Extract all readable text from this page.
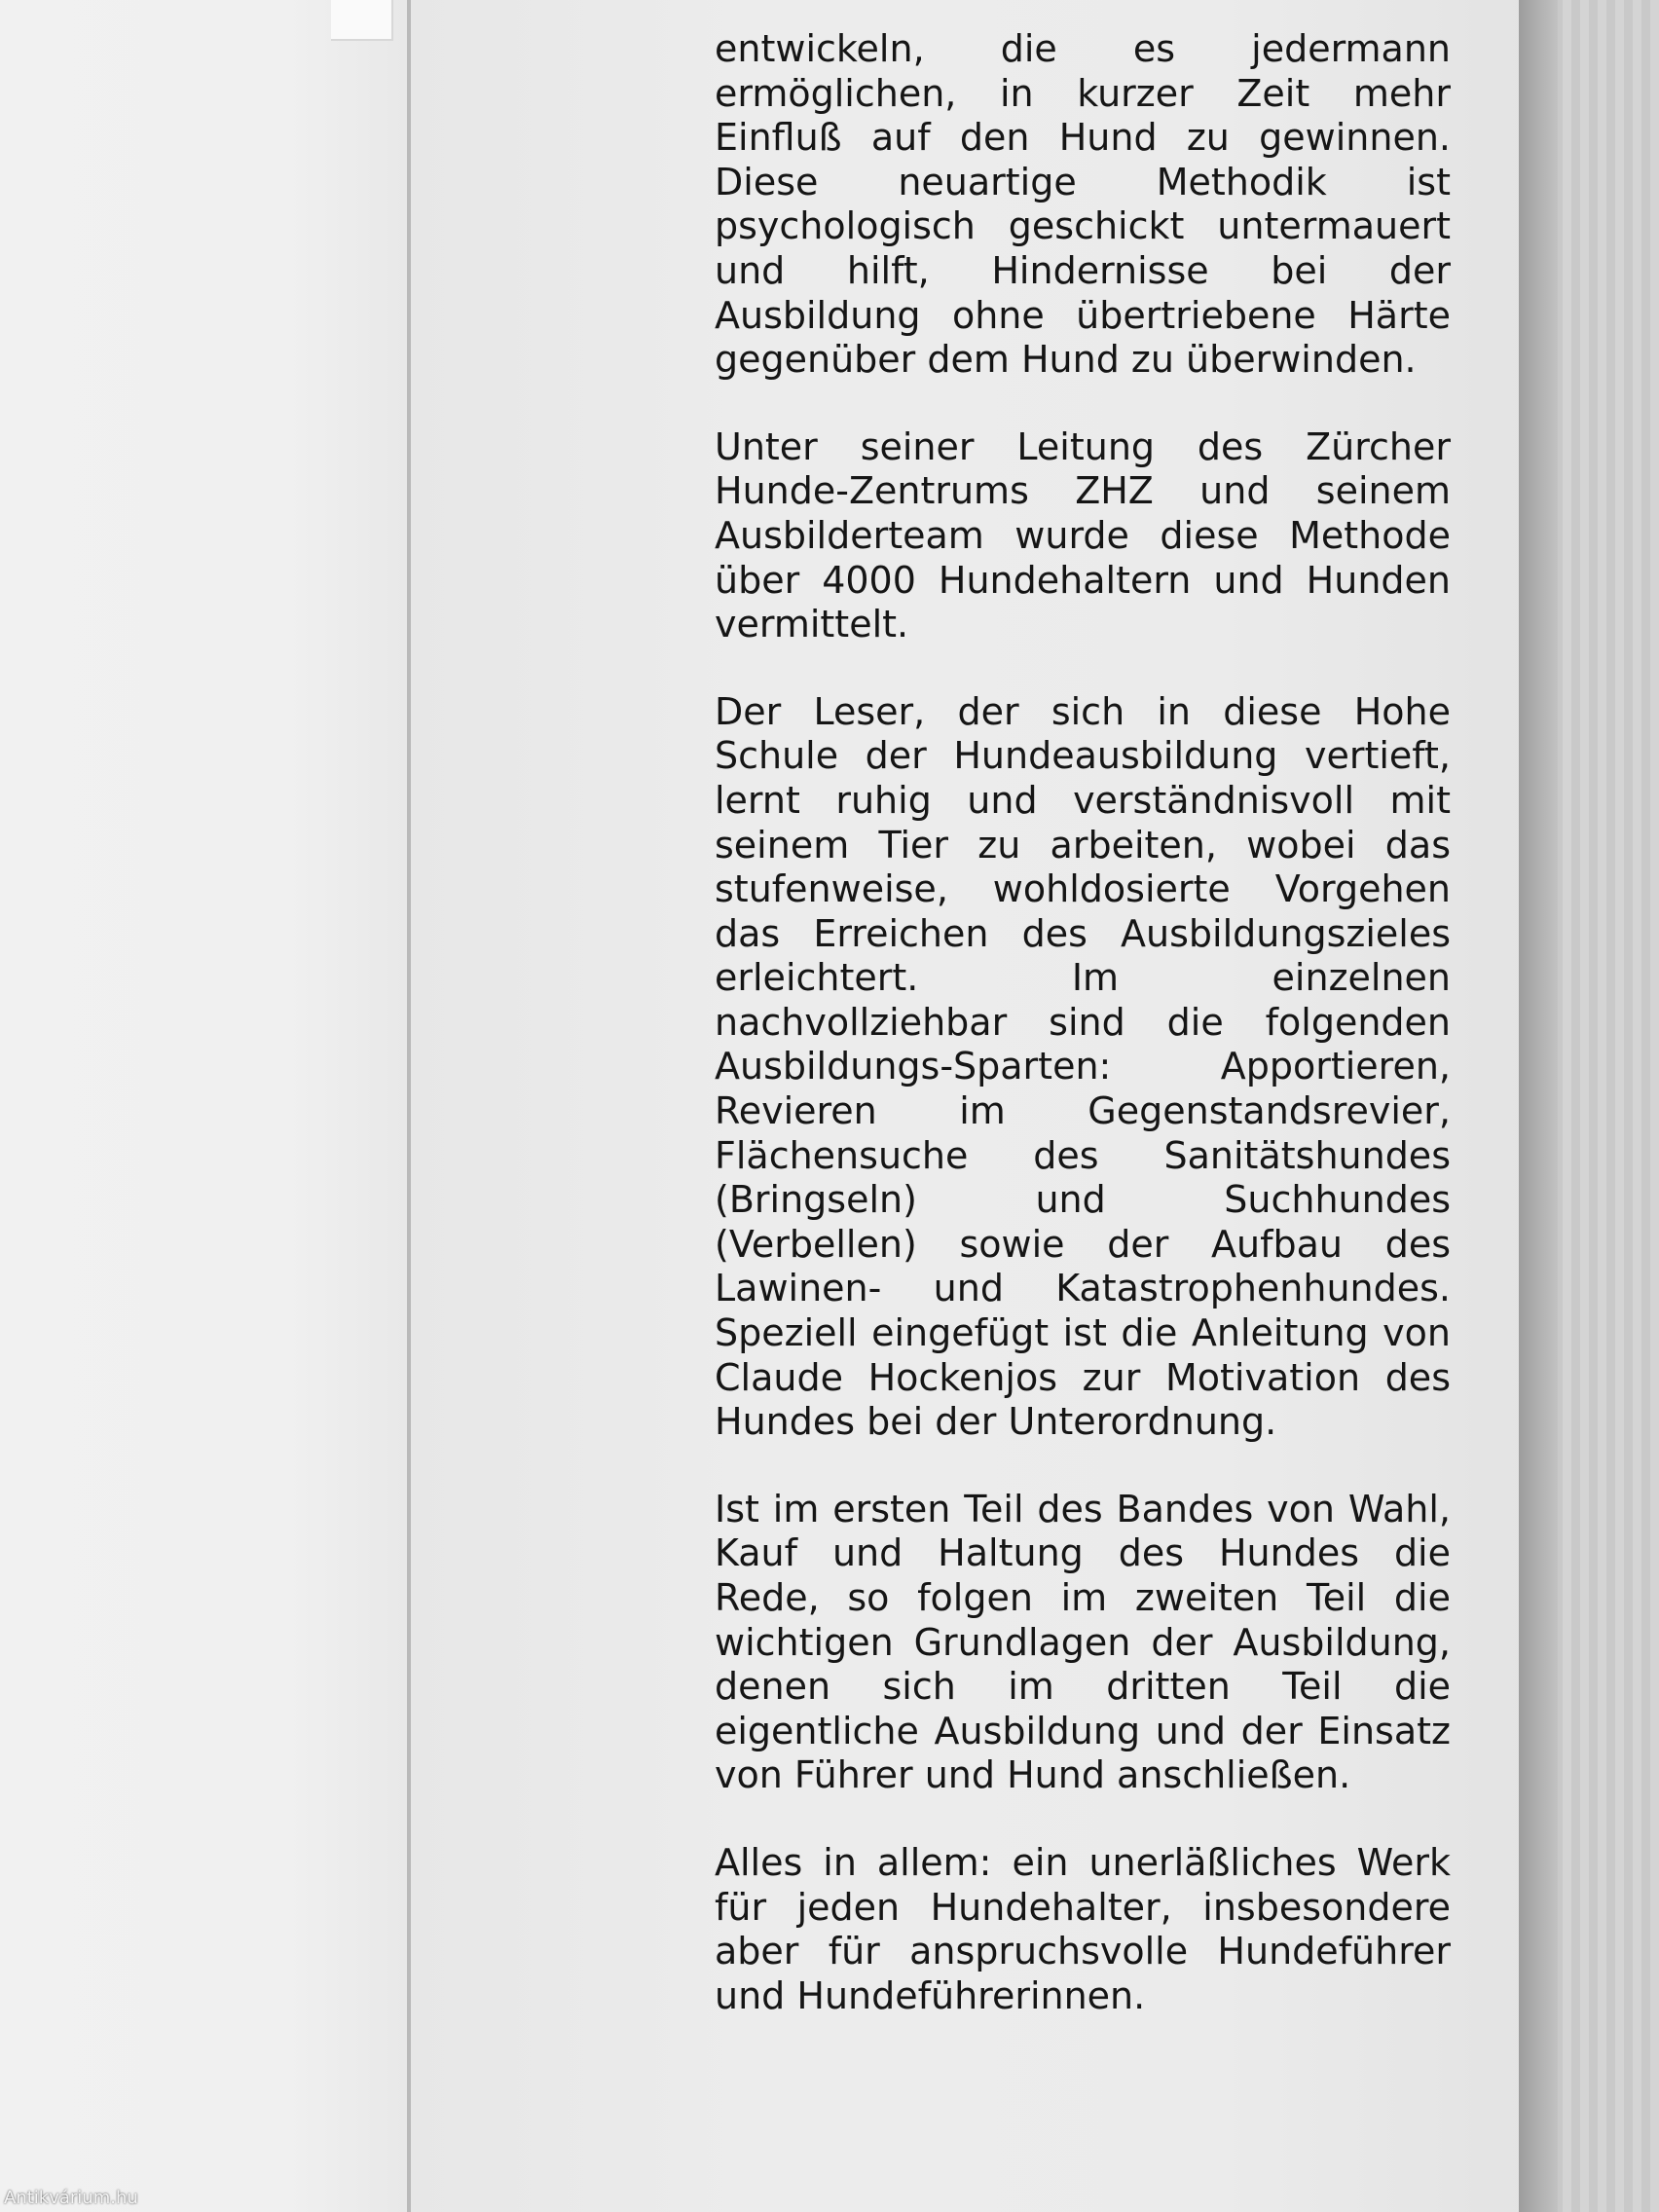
entwickeln, die es jedermann ermöglichen, in kurzer Zeit mehr Einfluß auf den Hund zu gewinnen. Diese neuartige Methodik ist psychologisch geschickt untermauert und hilft, Hindernisse bei der Ausbildung ohne übertriebene Härte gegenüber dem Hund zu überwinden.

Unter seiner Leitung des Zürcher Hunde-Zentrums ZHZ und seinem Ausbilderteam wurde diese Methode über 4000 Hundehaltern und Hunden vermittelt.

Der Leser, der sich in diese Hohe Schule der Hundeausbildung vertieft, lernt ruhig und verständnisvoll mit seinem Tier zu arbeiten, wobei das stufenweise, wohldosierte Vorgehen das Erreichen des Ausbildungszieles erleichtert. Im einzelnen nachvollziehbar sind die folgenden Ausbildungs-Sparten: Apportieren, Revieren im Gegenstandsrevier, Flächensuche des Sanitätshundes (Bringseln) und Suchhundes (Verbellen) sowie der Aufbau des Lawinen- und Katastrophenhundes. Speziell eingefügt ist die Anleitung von Claude Hockenjos zur Motivation des Hundes bei der Unterordnung.

Ist im ersten Teil des Bandes von Wahl, Kauf und Haltung des Hundes die Rede, so folgen im zweiten Teil die wichtigen Grundlagen der Ausbildung, denen sich im dritten Teil die eigentliche Ausbildung und der Einsatz von Führer und Hund anschließen.

Alles in allem: ein unerläßliches Werk für jeden Hundehalter, insbesondere aber für anspruchsvolle Hundeführer und Hundeführerinnen.

Antikvárium.hu
